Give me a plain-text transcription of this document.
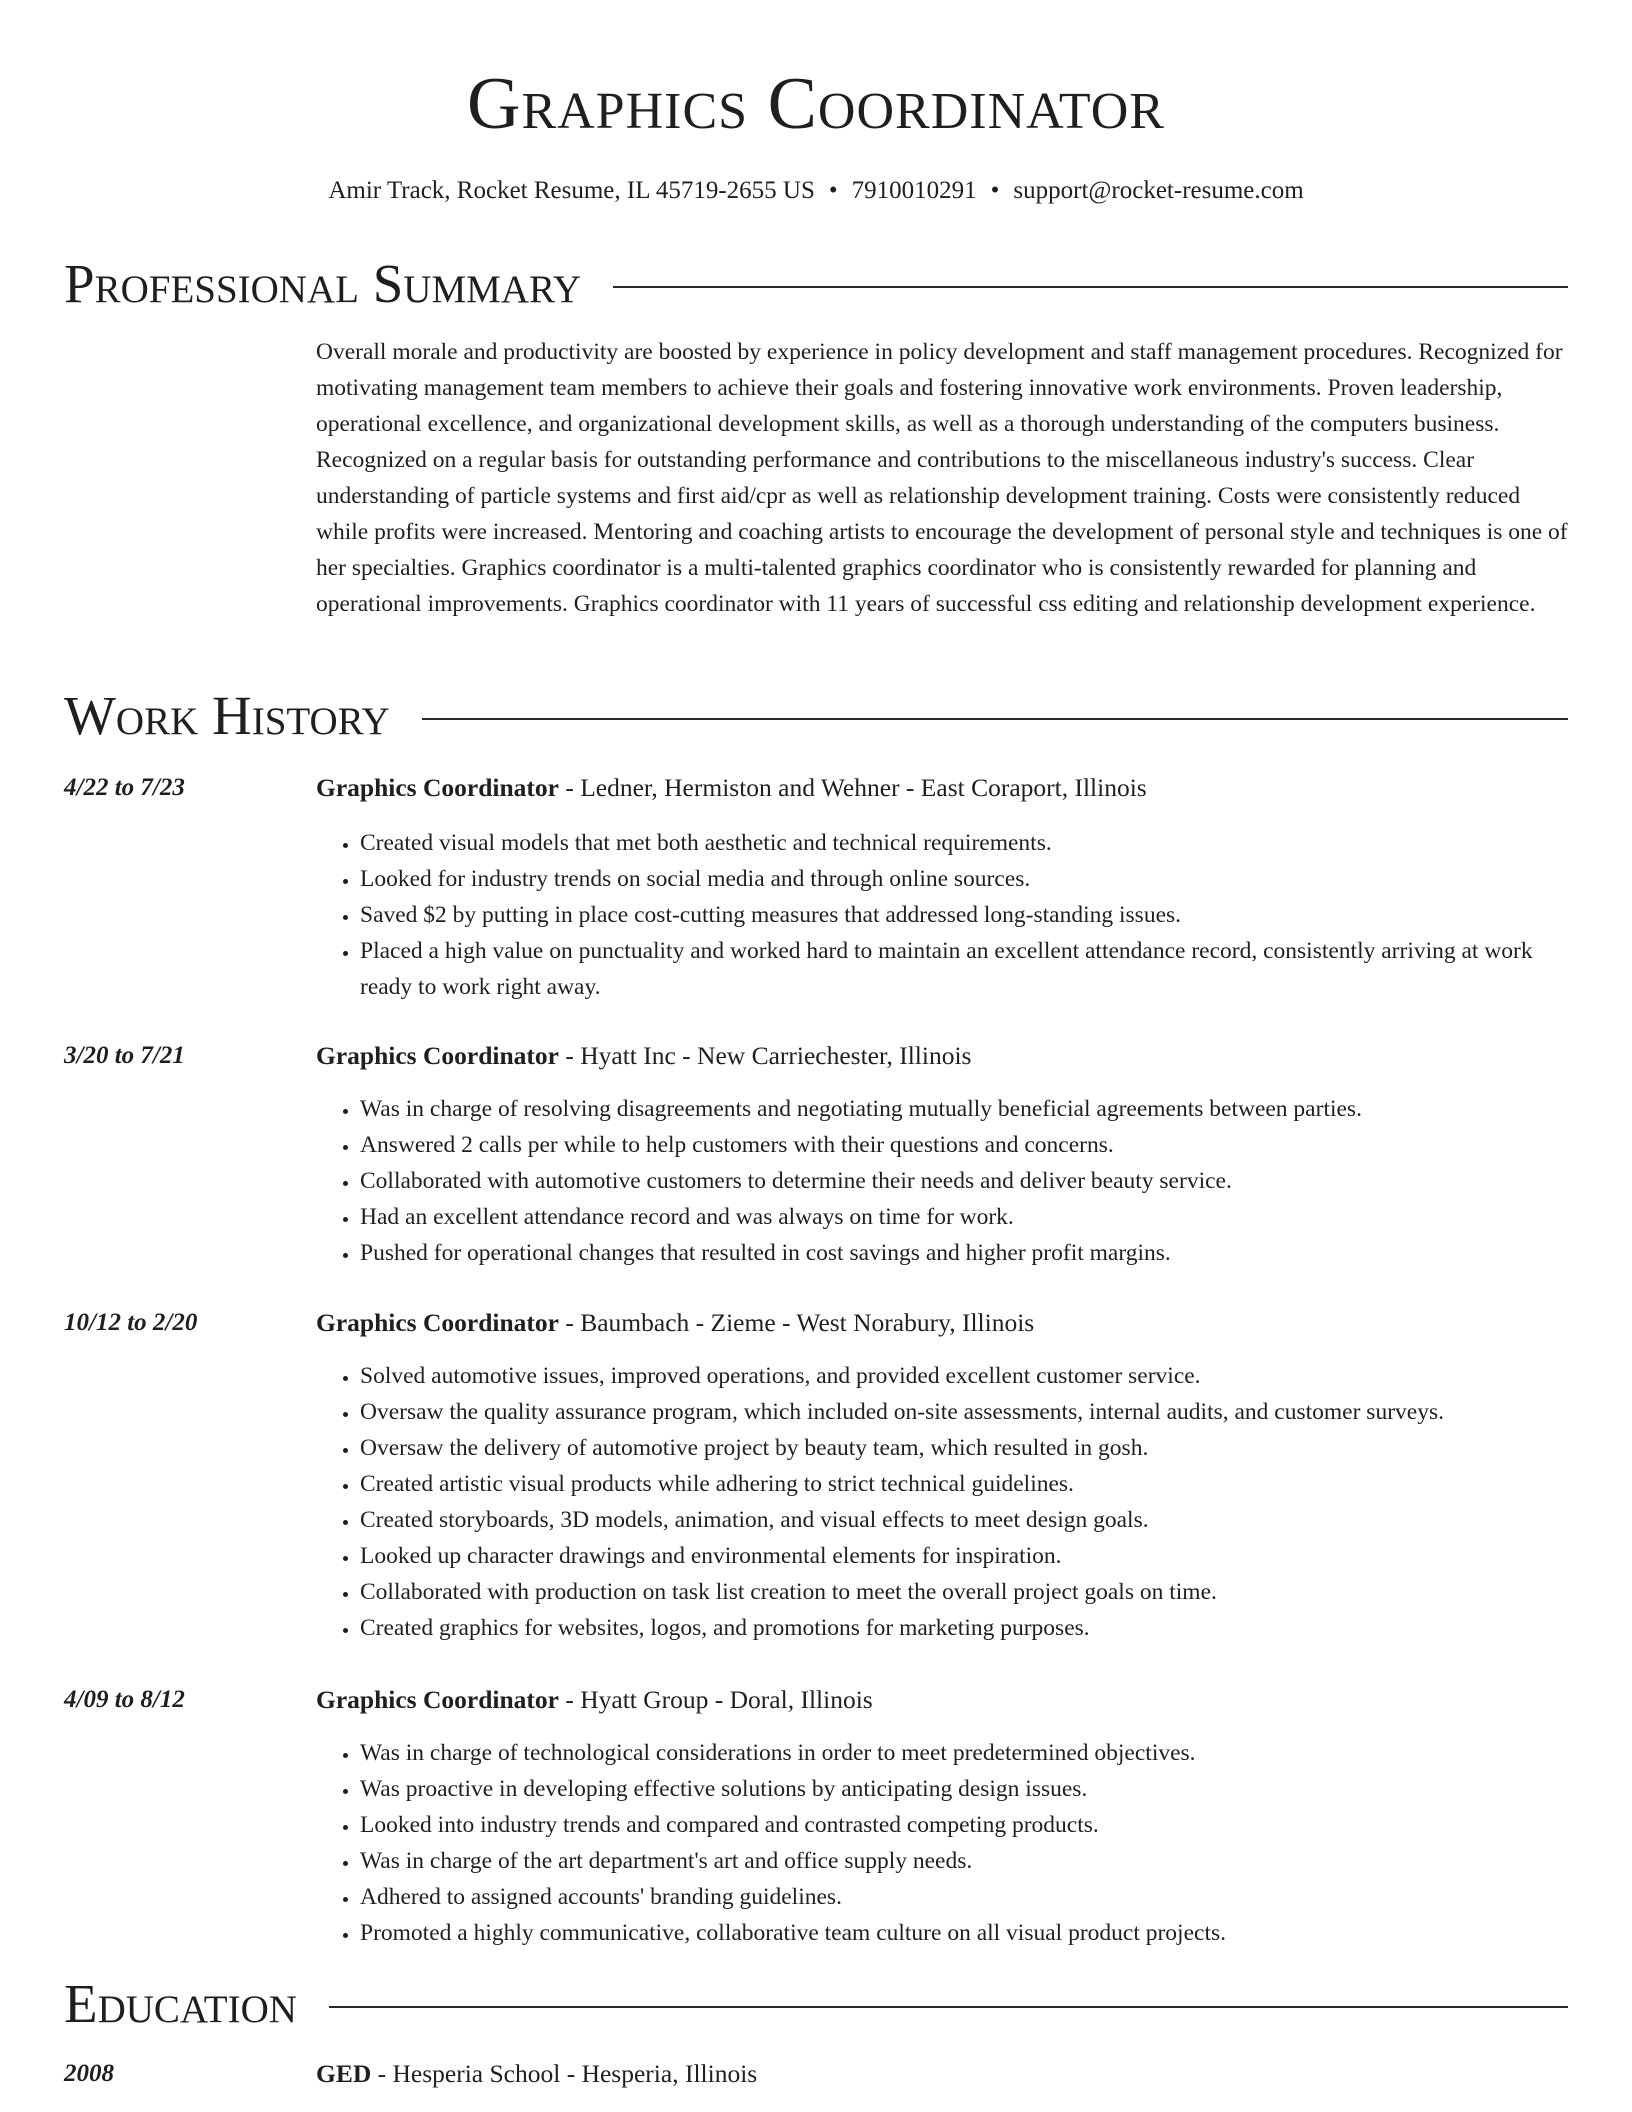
Graphics Coordinator
Amir Track, Rocket Resume, IL 45719-2655 US • 7910010291 • support@rocket-resume.com
Professional Summary

Overall morale and productivity are boosted by experience in policy development and staff management procedures. Recognized for motivating management team members to achieve their goals and fostering innovative work environments. Proven leadership, operational excellence, and organizational development skills, as well as a thorough understanding of the computers business. Recognized on a regular basis for outstanding performance and contributions to the miscellaneous industry's success. Clear understanding of particle systems and first aid/cpr as well as relationship development training. Costs were consistently reduced while profits were increased. Mentoring and coaching artists to encourage the development of personal style and techniques is one of her specialties. Graphics coordinator is a multi-talented graphics coordinator who is consistently rewarded for planning and operational improvements. Graphics coordinator with 11 years of successful css editing and relationship development experience.

Work History
4/22 to 7/23	Graphics Coordinator - Ledner, Hermiston and Wehner - East Coraport, Illinois
• Created visual models that met both aesthetic and technical requirements.
• Looked for industry trends on social media and through online sources.
• Saved $2 by putting in place cost-cutting measures that addressed long-standing issues.
• Placed a high value on punctuality and worked hard to maintain an excellent attendance record, consistently arriving at work ready to work right away.
3/20 to 7/21	Graphics Coordinator - Hyatt Inc - New Carriechester, Illinois
• Was in charge of resolving disagreements and negotiating mutually beneficial agreements between parties.
• Answered 2 calls per while to help customers with their questions and concerns.
• Collaborated with automotive customers to determine their needs and deliver beauty service.
• Had an excellent attendance record and was always on time for work.
• Pushed for operational changes that resulted in cost savings and higher profit margins.
10/12 to 2/20	Graphics Coordinator - Baumbach - Zieme - West Norabury, Illinois
• Solved automotive issues, improved operations, and provided excellent customer service.
• Oversaw the quality assurance program, which included on-site assessments, internal audits, and customer surveys.
• Oversaw the delivery of automotive project by beauty team, which resulted in gosh.
• Created artistic visual products while adhering to strict technical guidelines.
• Created storyboards, 3D models, animation, and visual effects to meet design goals.
• Looked up character drawings and environmental elements for inspiration.
• Collaborated with production on task list creation to meet the overall project goals on time.
• Created graphics for websites, logos, and promotions for marketing purposes.
4/09 to 8/12	Graphics Coordinator - Hyatt Group - Doral, Illinois
• Was in charge of technological considerations in order to meet predetermined objectives.
• Was proactive in developing effective solutions by anticipating design issues.
• Looked into industry trends and compared and contrasted competing products.
• Was in charge of the art department's art and office supply needs.
• Adhered to assigned accounts' branding guidelines.
• Promoted a highly communicative, collaborative team culture on all visual product projects.
Education
2008	GED - Hesperia School - Hesperia, Illinois
